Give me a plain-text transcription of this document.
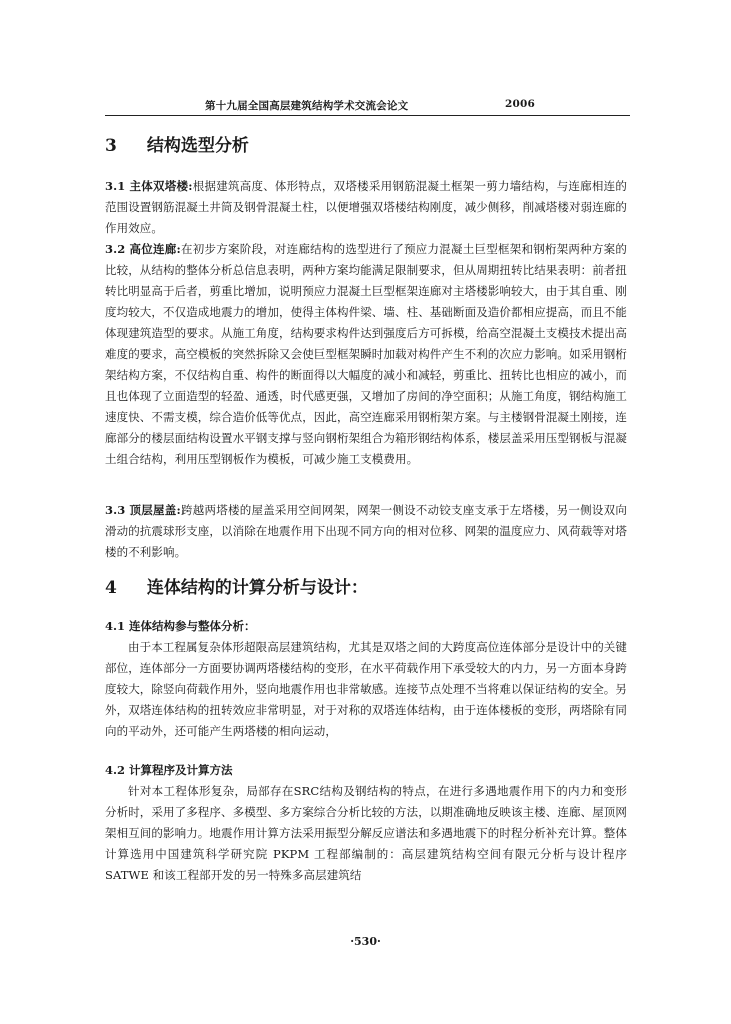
第十九届全国高层建筑结构学术交流会论文	2006
3 结构选型分析
3.1 主体双塔楼:根据建筑高度、体形特点，双塔楼采用钢筋混凝土框架一剪力墙结构，与连廊相连的范围设置钢筋混凝土井筒及钢骨混凝土柱，以便增强双塔楼结构刚度，减少侧移，削减塔楼对弱连廊的作用效应。
3.2 高位连廊:在初步方案阶段，对连廊结构的选型进行了预应力混凝土巨型框架和钢桁架两种方案的比较，从结构的整体分析总信息表明，两种方案均能满足限制要求，但从周期扭转比结果表明：前者扭转比明显高于后者，剪重比增加，说明预应力混凝土巨型框架连廊对主塔楼影响较大，由于其自重、刚度均较大，不仅造成地震力的增加，使得主体构件梁、墙、柱、基础断面及造价都相应提高，而且不能体现建筑造型的要求。从施工角度，结构要求构件达到强度后方可拆模，给高空混凝土支模技术提出高难度的要求，高空模板的突然拆除又会使巨型框架瞬时加载对构件产生不利的次应力影响。如采用钢桁架结构方案，不仅结构自重、构件的断面得以大幅度的减小和减轻，剪重比、扭转比也相应的减小，而且也体现了立面造型的轻盈、通透，时代感更强，又增加了房间的净空面积；从施工角度，钢结构施工速度快、不需支模，综合造价低等优点，因此，高空连廊采用钢桁架方案。与主楼钢骨混凝土刚接，连廊部分的楼层面结构设置水平钢支撑与竖向钢桁架组合为箱形钢结构体系，楼层盖采用压型钢板与混凝土组合结构，利用压型钢板作为模板，可减少施工支模费用。
3.3 顶层屋盖:跨越两塔楼的屋盖采用空间网架，网架一侧设不动铰支座支承于左塔楼，另一侧设双向滑动的抗震球形支座，以消除在地震作用下出现不同方向的相对位移、网架的温度应力、风荷载等对塔楼的不利影响。
4 连体结构的计算分析与设计：
4.1 连体结构参与整体分析：
由于本工程属复杂体形超限高层建筑结构，尤其是双塔之间的大跨度高位连体部分是设计中的关键部位，连体部分一方面要协调两塔楼结构的变形，在水平荷载作用下承受较大的内力，另一方面本身跨度较大，除竖向荷载作用外，竖向地震作用也非常敏感。连接节点处理不当将难以保证结构的安全。另外，双塔连体结构的扭转效应非常明显，对于对称的双塔连体结构，由于连体楼板的变形，两塔除有同向的平动外，还可能产生两塔楼的相向运动，
4.2 计算程序及计算方法
针对本工程体形复杂，局部存在SRC结构及钢结构的特点，在进行多遇地震作用下的内力和变形分析时，采用了多程序、多模型、多方案综合分析比较的方法，以期准确地反映该主楼、连廊、屋顶网架相互间的影响力。地震作用计算方法采用振型分解反应谱法和多遇地震下的时程分析补充计算。整体计算选用中国建筑科学研究院 PKPM 工程部编制的：高层建筑结构空间有限元分析与设计程序 SATWE 和该工程部开发的另一特殊多高层建筑结
·530·
